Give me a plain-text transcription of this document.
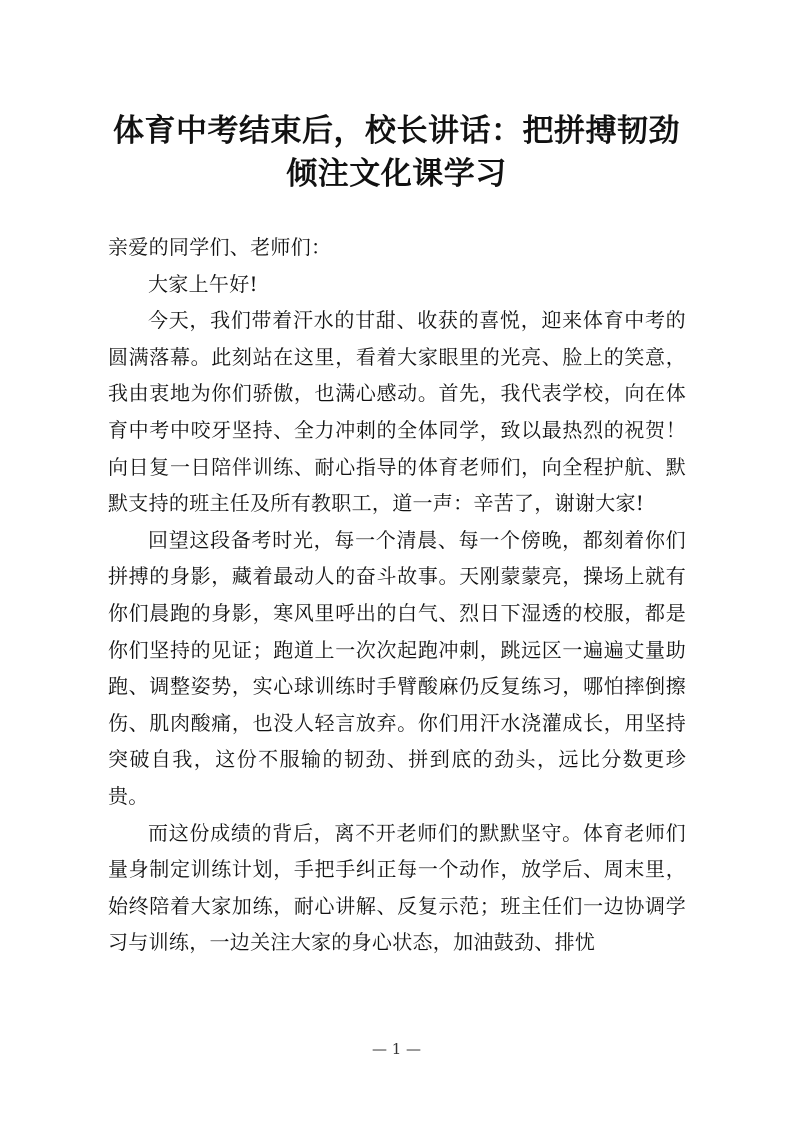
体育中考结束后，校长讲话：把拼搏韧劲
倾注文化课学习

亲爱的同学们、老师们：

大家上午好!

今天，我们带着汗水的甘甜、收获的喜悦，迎来体育中考的圆满落幕。此刻站在这里，看着大家眼里的光亮、脸上的笑意，我由衷地为你们骄傲，也满心感动。首先，我代表学校，向在体育中考中咬牙坚持、全力冲刺的全体同学，致以最热烈的祝贺！向日复一日陪伴训练、耐心指导的体育老师们，向全程护航、默默支持的班主任及所有教职工，道一声：辛苦了，谢谢大家!

回望这段备考时光，每一个清晨、每一个傍晚，都刻着你们拼搏的身影，藏着最动人的奋斗故事。天刚蒙蒙亮，操场上就有你们晨跑的身影，寒风里呼出的白气、烈日下湿透的校服，都是你们坚持的见证；跑道上一次次起跑冲刺，跳远区一遍遍丈量助跑、调整姿势，实心球训练时手臂酸麻仍反复练习，哪怕摔倒擦伤、肌肉酸痛，也没人轻言放弃。你们用汗水浇灌成长，用坚持突破自我，这份不服输的韧劲、拼到底的劲头，远比分数更珍贵。

而这份成绩的背后，离不开老师们的默默坚守。体育老师们量身制定训练计划，手把手纠正每一个动作，放学后、周末里，始终陪着大家加练，耐心讲解、反复示范；班主任们一边协调学习与训练，一边关注大家的身心状态，加油鼓劲、排忧

— 1 —
